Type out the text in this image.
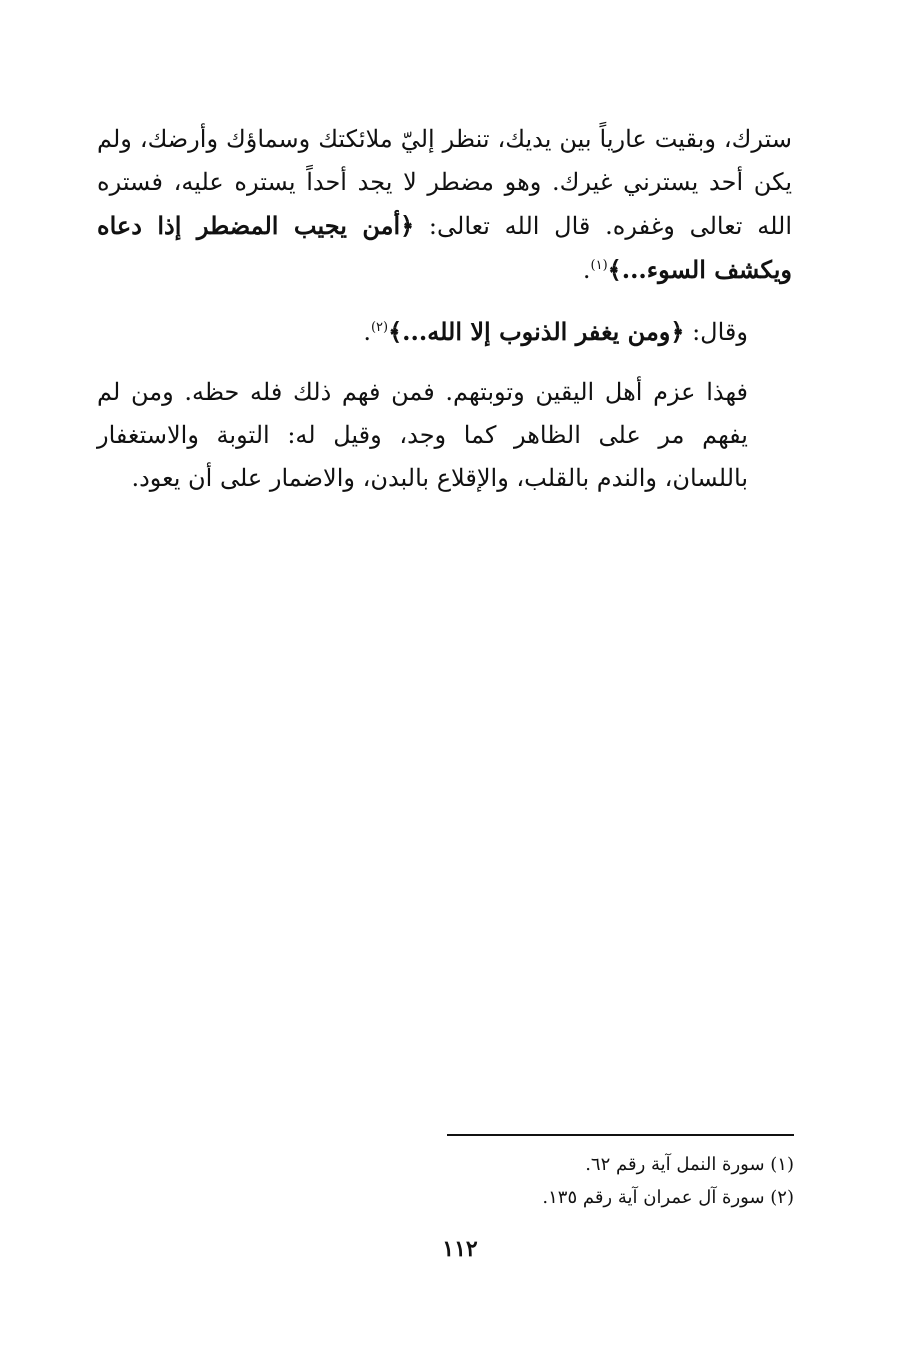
سترك، وبقيت عارياً بين يديك، تنظر إليّ ملائكتك وسماؤك وأرضك، ولم يكن أحد يسترني غيرك. وهو مضطر لا يجد أحداً يستره عليه، فستره الله تعالى وغفره. قال الله تعالى: ﴿أمن يجيب المضطر إذا دعاه ويكشف السوء...﴾$^{(١)}$.

وقال: ﴿ومن يغفر الذنوب إلا الله...﴾$^{(٢)}$.

فهذا عزم أهل اليقين وتوبتهم. فمن فهم ذلك فله حظه. ومن لم يفهم مر على الظاهر كما وجد، وقيل له: التوبة والاستغفار باللسان، والندم بالقلب، والإقلاع بالبدن، والاضمار على أن يعود.

(١) سورة النمل آية رقم ٦٢.
(٢) سورة آل عمران آية رقم ١٣٥.
١١٢
